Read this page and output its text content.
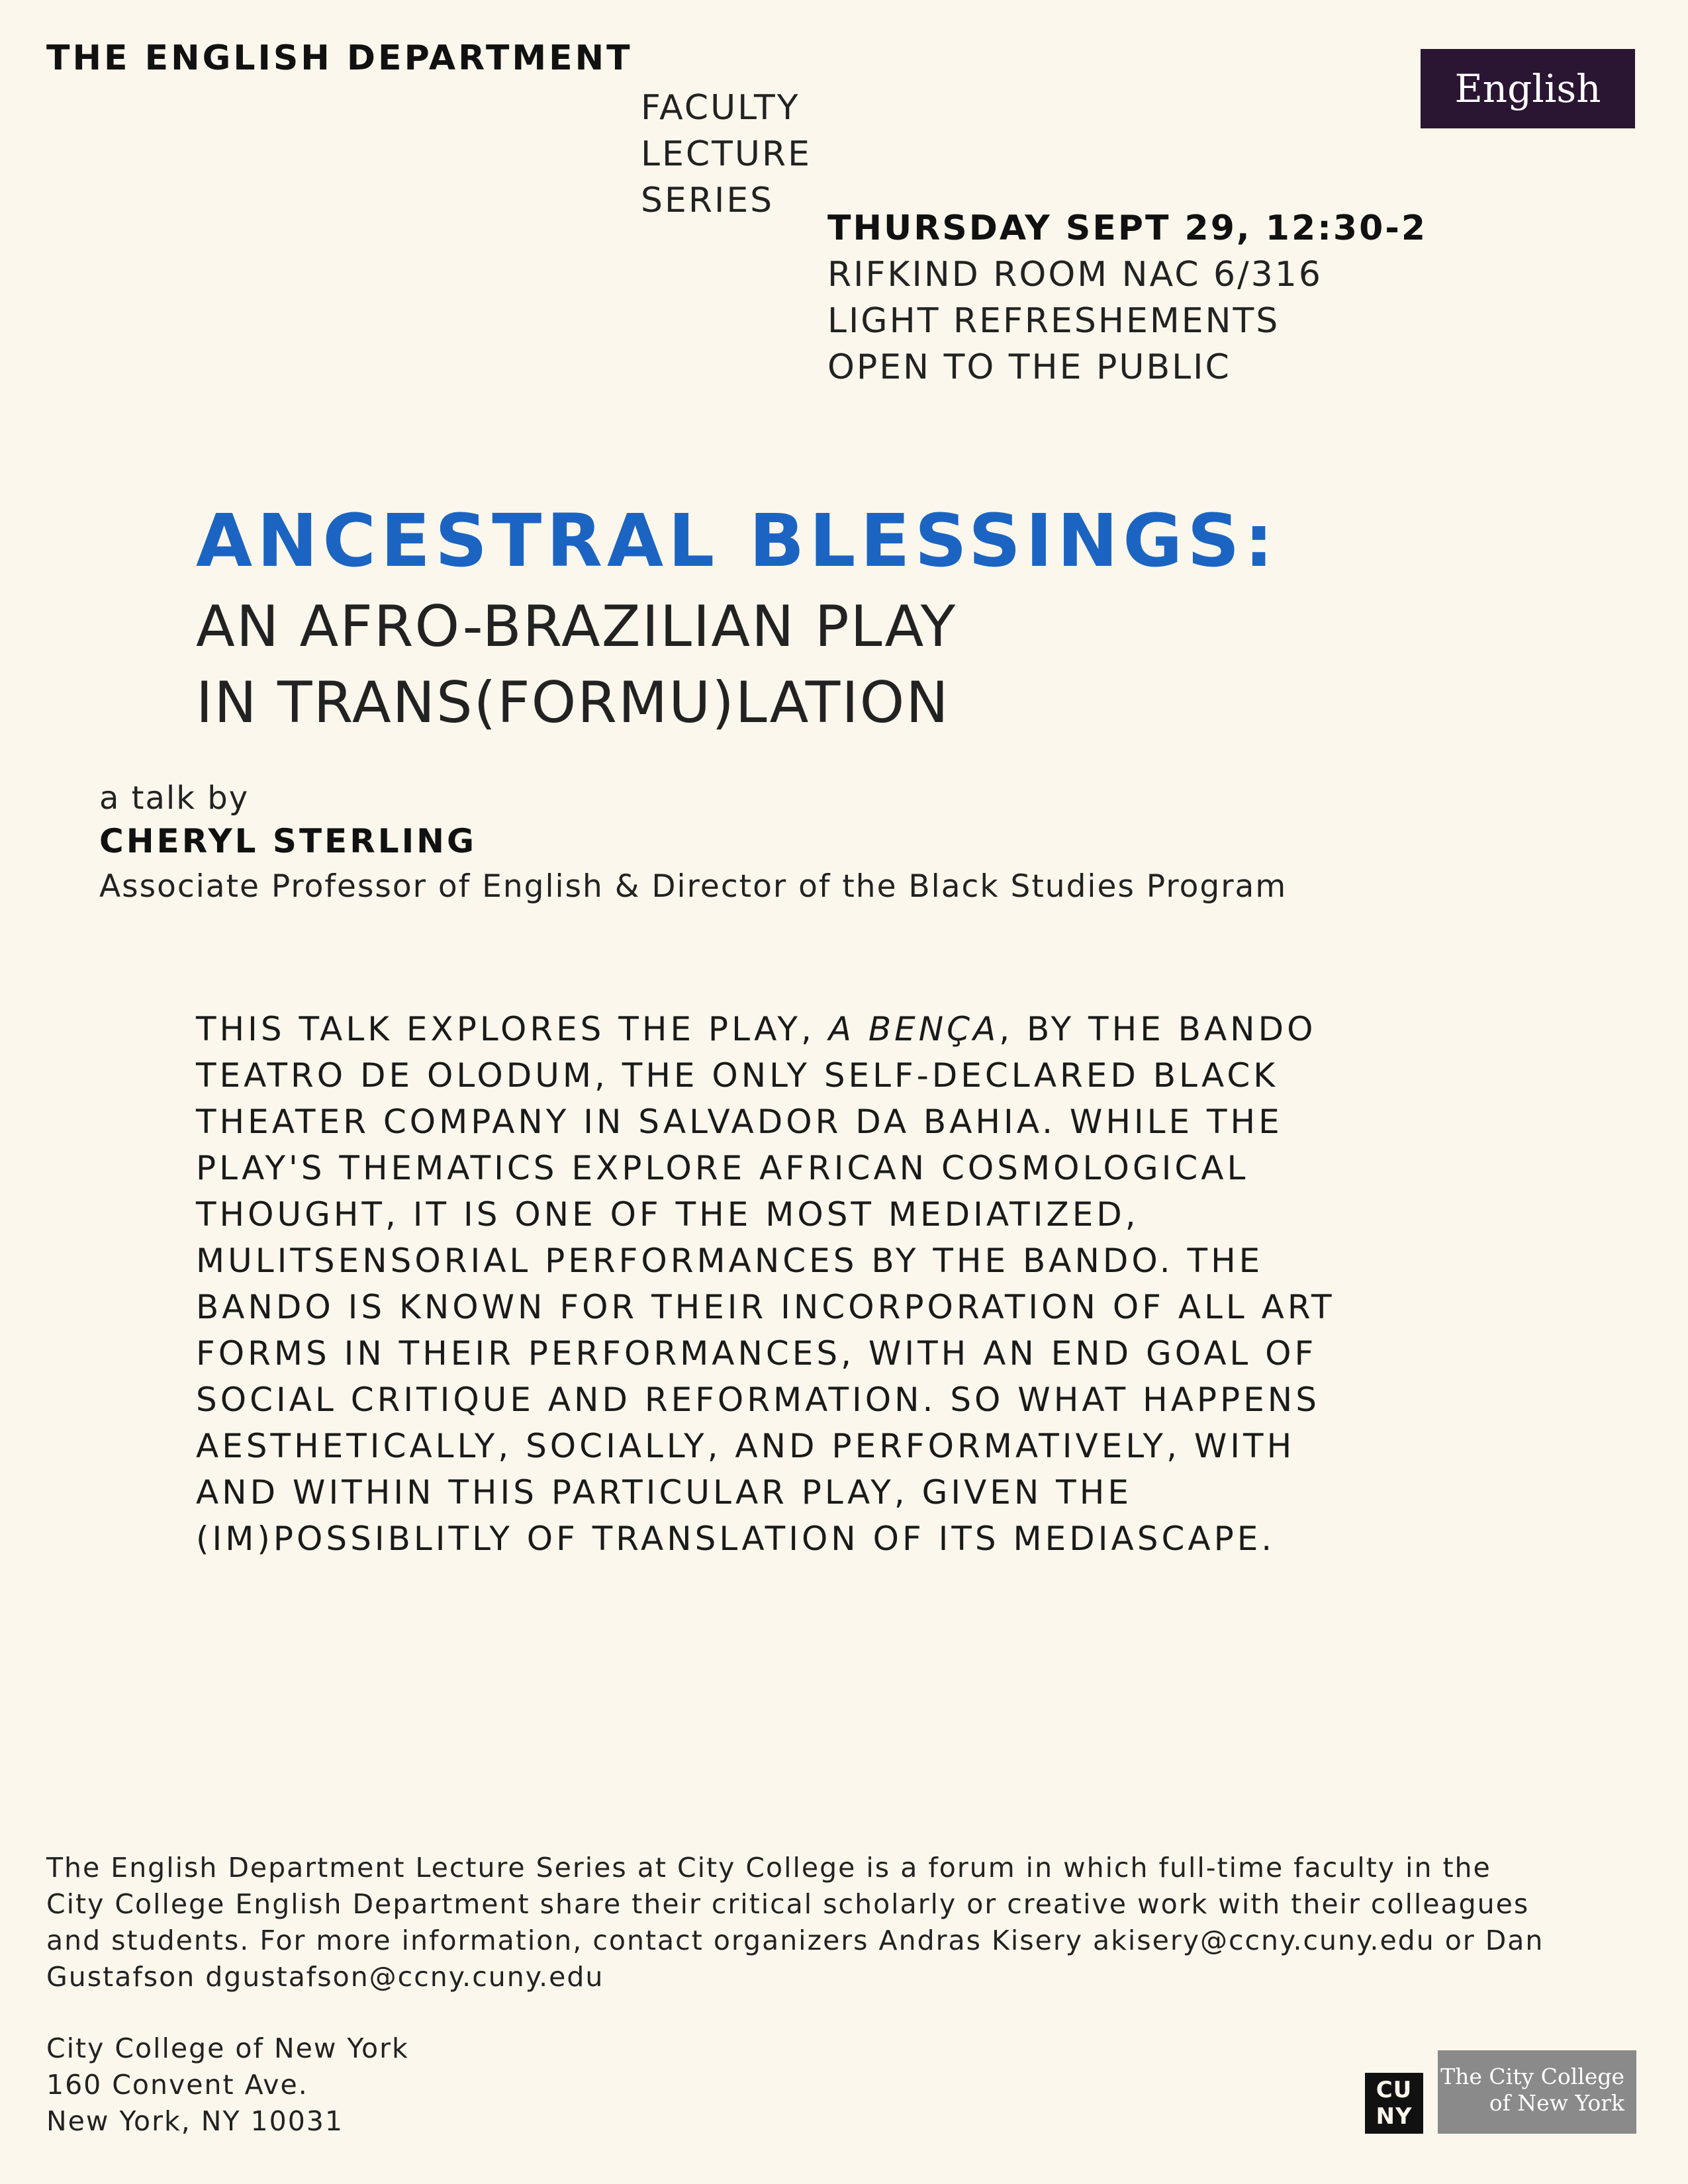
THE ENGLISH DEPARTMENT
FACULTY
LECTURE
SERIES
English
THURSDAY SEPT 29, 12:30-2
RIFKIND ROOM NAC 6/316
LIGHT REFRESHEMENTS
OPEN TO THE PUBLIC
ANCESTRAL BLESSINGS:
AN AFRO-BRAZILIAN PLAY
IN TRANS(FORMU)LATION
a talk by
CHERYL STERLING
Associate Professor of English & Director of the Black Studies Program
THIS TALK EXPLORES THE PLAY, A BENÇA, BY THE BANDO
TEATRO DE OLODUM, THE ONLY SELF-DECLARED BLACK
THEATER COMPANY IN SALVADOR DA BAHIA. WHILE THE
PLAY'S THEMATICS EXPLORE AFRICAN COSMOLOGICAL
THOUGHT, IT IS ONE OF THE MOST MEDIATIZED,
MULITSENSORIAL PERFORMANCES BY THE BANDO. THE
BANDO IS KNOWN FOR THEIR INCORPORATION OF ALL ART
FORMS IN THEIR PERFORMANCES, WITH AN END GOAL OF
SOCIAL CRITIQUE AND REFORMATION. SO WHAT HAPPENS
AESTHETICALLY, SOCIALLY, AND PERFORMATIVELY, WITH
AND WITHIN THIS PARTICULAR PLAY, GIVEN THE
(IM)POSSIBLITLY OF TRANSLATION OF ITS MEDIASCAPE.
The English Department Lecture Series at City College is a forum in which full-time faculty in the
City College English Department share their critical scholarly or creative work with their colleagues
and students. For more information, contact organizers Andras Kisery akisery@ccny.cuny.edu or Dan
Gustafson dgustafson@ccny.cuny.edu
City College of New York
160 Convent Ave.
New York, NY 10031
CU
NY
The City College
of New York
